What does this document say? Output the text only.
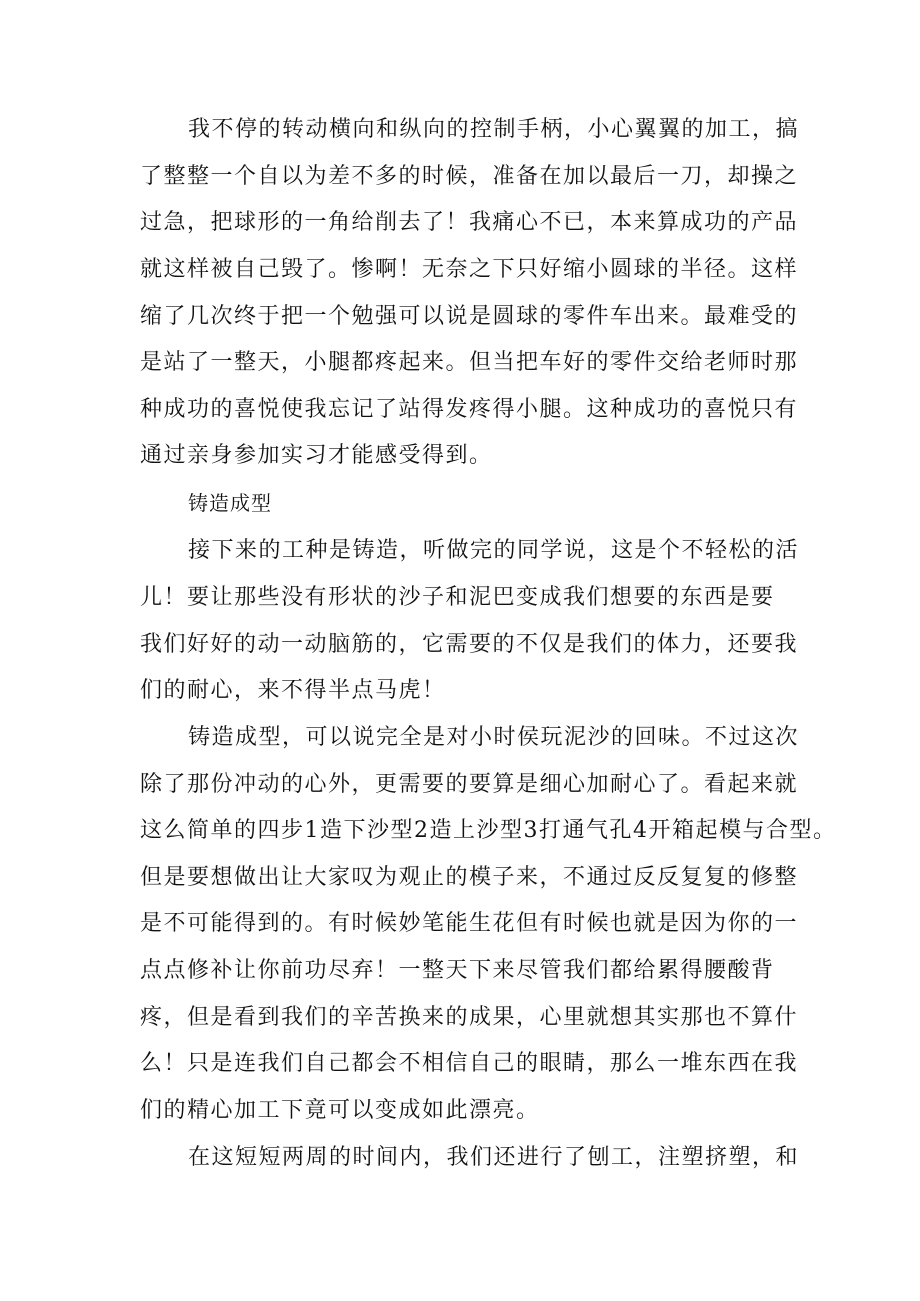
我不停的转动横向和纵向的控制手柄，小心翼翼的加工，搞
了整整一个自以为差不多的时候，准备在加以最后一刀，却操之
过急，把球形的一角给削去了！我痛心不已，本来算成功的产品
就这样被自己毁了。惨啊！无奈之下只好缩小圆球的半径。这样
缩了几次终于把一个勉强可以说是圆球的零件车出来。最难受的
是站了一整天，小腿都疼起来。但当把车好的零件交给老师时那
种成功的喜悦使我忘记了站得发疼得小腿。这种成功的喜悦只有
通过亲身参加实习才能感受得到。
铸造成型
接下来的工种是铸造，听做完的同学说，这是个不轻松的活
儿！要让那些没有形状的沙子和泥巴变成我们想要的东西是要
我们好好的动一动脑筋的，它需要的不仅是我们的体力，还要我
们的耐心，来不得半点马虎！
铸造成型，可以说完全是对小时侯玩泥沙的回味。不过这次
除了那份冲动的心外，更需要的要算是细心加耐心了。看起来就
这么简单的四步1造下沙型2造上沙型3打通气孔4开箱起模与合型。
但是要想做出让大家叹为观止的模子来，不通过反反复复的修整
是不可能得到的。有时候妙笔能生花但有时候也就是因为你的一
点点修补让你前功尽弃！一整天下来尽管我们都给累得腰酸背
疼，但是看到我们的辛苦换来的成果，心里就想其实那也不算什
么！只是连我们自己都会不相信自己的眼睛，那么一堆东西在我
们的精心加工下竟可以变成如此漂亮。
在这短短两周的时间内，我们还进行了刨工，注塑挤塑，和
